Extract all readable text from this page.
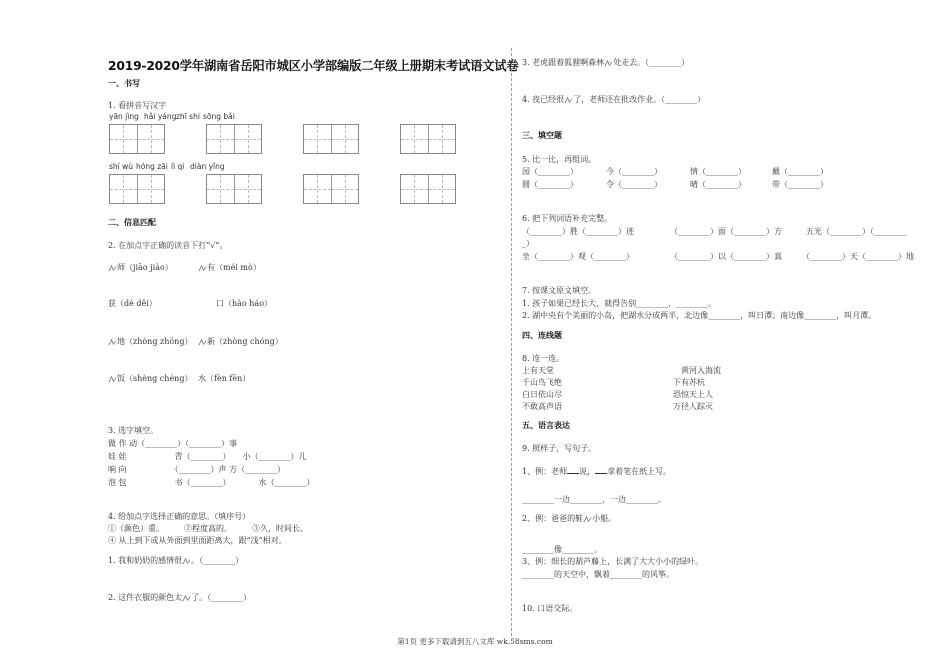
2019-2020学年湖南省岳阳市城区小学部编版二年级上册期末考试语文试卷
一、书写
1. 看拼音写汉字
yān jìng hǎi yáng zhī shi sōng bǎi
shí wù hóng zāi lì qi diàn yǐng
二、信息匹配
2. 在加点字正确的读音下打“√”。
师（jiāo jiào）	有（méi mò）
获（dé děi）	口（hào háo）
地（zhòng zhōng）	新（zhòng chóng）
饭（shèng chéng） 水（fèn fēn）
3. 选字填空。
做 作 动（________）（________）事
娃 娃　　　　　　青（________）　　小（________）儿
响 向　　　　　　（________）声 方（________）
泡 包　　　　　　书（________）　　　　水（________）
4. 给加点字选择正确的意思。（填序号）
①（颜色）重。　　　②程度高的。　　　③久，时间长。
④ 从上到下或从外面到里面距离大，跟“浅”相对。
1. 我和奶奶的感情很 。（________）
2. 这件衣服的颜色太 了。（________）
3. 老虎跟着狐狸啊森林 处走去。（________）
4. 夜已经很 了，老师还在批改作业。（________）
三、填空题
5. 比一比，再组词。
园（________）	今（________）	情（________）	戴（________）
圆（________）	令（________）	晴（________）	带（________）
6. 把下列词语补充完整。
（________）胜（________）迹	（________）面（________）方	五光（________）（________
_）
坐（________）观（________）	（________）以（________）真	（________）天（________）地
7. 按课文原文填空。
1. 孩子如果已经长大，就得告别________，________。
2. 湖中央有个美丽的小岛，把湖水分成两半，北边像________，叫日潭；南边像________，叫月潭。
四、连线题
8. 连一连。
上有天堂
千山鸟飞绝
白日依山尽
不敢高声语
黄河入海流
下有苏杭
恐惊天上人
万径人踪灭
五、语言表达
9. 照样子，写句子。
1、例：老师 说， 拿着笔在纸上写。
________一边________，一边________。
2、例：爸爸的鞋 小船。
________像________。
3、例：细长的葫芦藤上，长满了大大小小的绿叶。
________的天空中，飘着________的风筝。
10. 口语交际。
第1页 更多下载请到五八文库 wk.58sms.com
